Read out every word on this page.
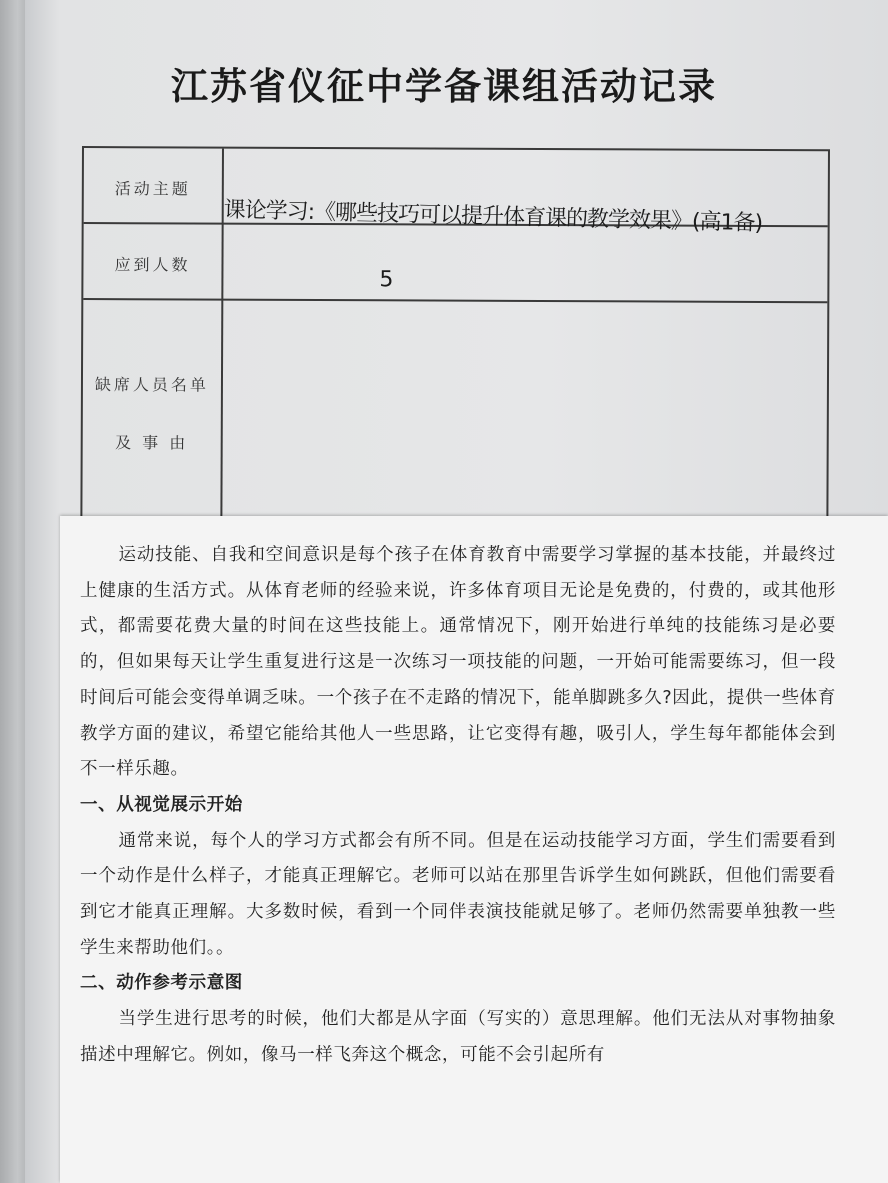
江苏省仪征中学备课组活动记录
活动主题
课论学习:《哪些技巧可以提升体育课的教学效果》(高1备)
应到人数
5
缺席人员名单
及 事 由

运动技能、自我和空间意识是每个孩子在体育教育中需要学习掌握的基本技能，并最终过上健康的生活方式。从体育老师的经验来说，许多体育项目无论是免费的，付费的，或其他形式，都需要花费大量的时间在这些技能上。通常情况下，刚开始进行单纯的技能练习是必要的，但如果每天让学生重复进行这是一次练习一项技能的问题，一开始可能需要练习，但一段时间后可能会变得单调乏味。一个孩子在不走路的情况下，能单脚跳多久?因此，提供一些体育教学方面的建议，希望它能给其他人一些思路，让它变得有趣，吸引人，学生每年都能体会到不一样乐趣。

一、从视觉展示开始

通常来说，每个人的学习方式都会有所不同。但是在运动技能学习方面，学生们需要看到一个动作是什么样子，才能真正理解它。老师可以站在那里告诉学生如何跳跃，但他们需要看到它才能真正理解。大多数时候，看到一个同伴表演技能就足够了。老师仍然需要单独教一些学生来帮助他们。。

二、动作参考示意图

当学生进行思考的时候，他们大都是从字面（写实的）意思理解。他们无法从对事物抽象描述中理解它。例如，像马一样飞奔这个概念，可能不会引起所有
